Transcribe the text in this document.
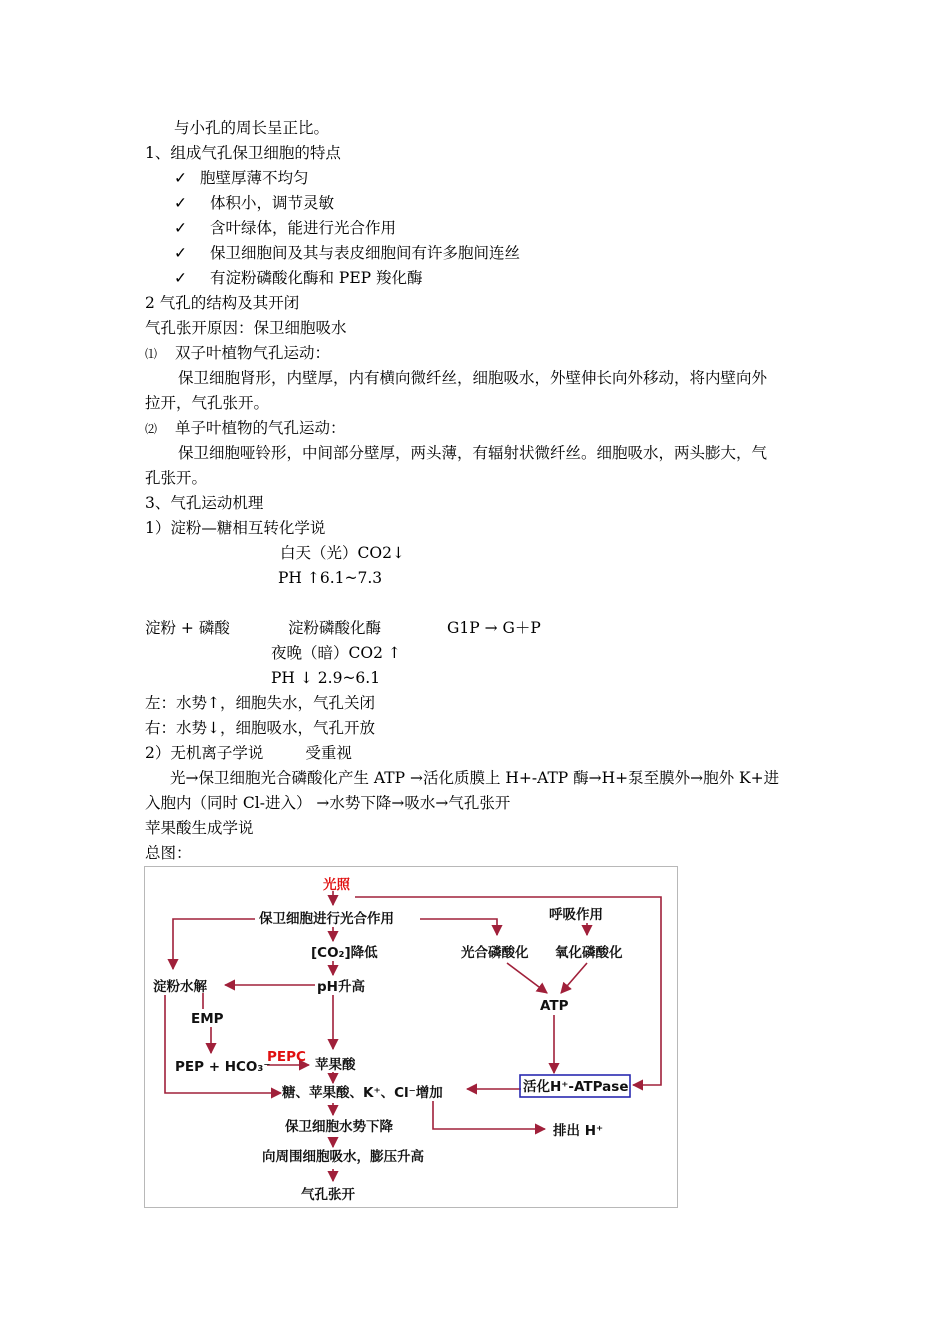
与小孔的周长呈正比。
1、组成气孔保卫细胞的特点
✓ 胞壁厚薄不均匀
✓ 体积小，调节灵敏
✓ 含叶绿体，能进行光合作用
✓ 保卫细胞间及其与表皮细胞间有许多胞间连丝
✓ 有淀粉磷酸化酶和 PEP 羧化酶
2 气孔的结构及其开闭
气孔张开原因：保卫细胞吸水
⑴ 双子叶植物气孔运动：
保卫细胞肾形，内壁厚，内有横向微纤丝，细胞吸水，外壁伸长向外移动，将内壁向外
拉开，气孔张开。
⑵ 单子叶植物的气孔运动：
保卫细胞哑铃形，中间部分壁厚，两头薄，有辐射状微纤丝。细胞吸水，两头膨大，气
孔张开。
3、气孔运动机理
1）淀粉—糖相互转化学说
白天（光）CO2↓
PH ↑6.1~7.3
淀粉 + 磷酸	淀粉磷酸化酶	G1P → G＋P
夜晚（暗）CO2 ↑
PH ↓ 2.9~6.1
左：水势↑，细胞失水，气孔关闭
右：水势↓，细胞吸水，气孔开放
2）无机离子学说	受重视
光→保卫细胞光合磷酸化产生 ATP →活化质膜上 H+-ATP 酶→H+泵至膜外→胞外 K+进
入胞内（同时 Cl-进入） →水势下降→吸水→气孔张开
苹果酸生成学说
总图：
光照
保卫细胞进行光合作用	呼吸作用
[CO₂]降低	光合磷酸化 氧化磷酸化
淀粉水解	pH升高
ATP
EMP
PEPC
PEP + HCO₃⁻	苹果酸
活化H⁺-ATPase
糖、苹果酸、K⁺、Cl⁻增加
排出 H⁺
保卫细胞水势下降
向周围细胞吸水，膨压升高
气孔张开
